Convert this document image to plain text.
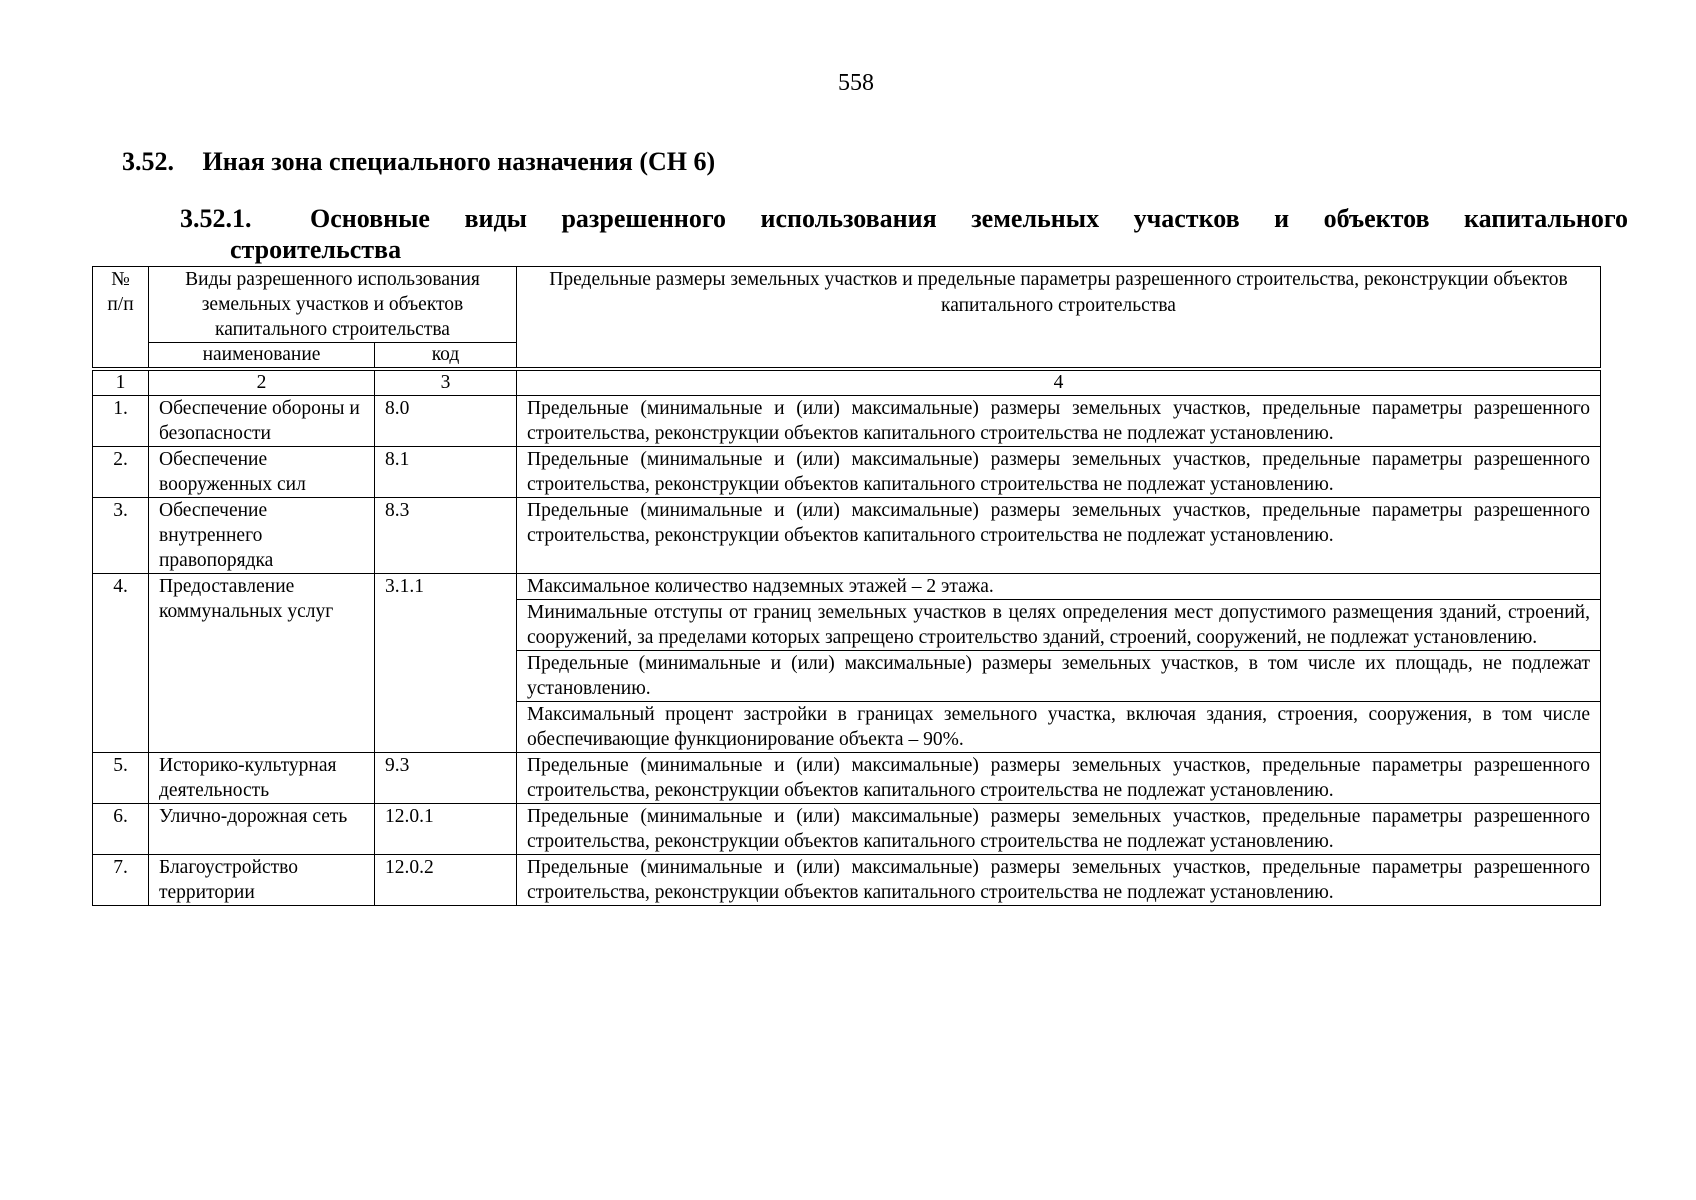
558
3.52. Иная зона специального назначения (СН 6)
3.52.1. Основные виды разрешенного использования земельных участков и объектов капитального
строительства
№ п/п	Виды разрешенного использования земельных участков и объектов капитального строительства		Предельные размеры земельных участков и предельные параметры разрешенного строительства, реконструкции объектов капитального строительства
	наименование	код	
1	2	3	4
1.	Обеспечение обороны и безопасности	8.0	Предельные (минимальные и (или) максимальные) размеры земельных участков, предельные параметры разрешенного строительства, реконструкции объектов капитального строительства не подлежат установлению.
2.	Обеспечение вооруженных сил	8.1	Предельные (минимальные и (или) максимальные) размеры земельных участков, предельные параметры разрешенного строительства, реконструкции объектов капитального строительства не подлежат установлению.
3.	Обеспечение внутреннего правопорядка	8.3	Предельные (минимальные и (или) максимальные) размеры земельных участков, предельные параметры разрешенного строительства, реконструкции объектов капитального строительства не подлежат установлению.
4.	Предоставление коммунальных услуг	3.1.1	Максимальное количество надземных этажей – 2 этажа.
			Минимальные отступы от границ земельных участков в целях определения мест допустимого размещения зданий, строений, сооружений, за пределами которых запрещено строительство зданий, строений, сооружений, не подлежат установлению.
			Предельные (минимальные и (или) максимальные) размеры земельных участков, в том числе их площадь, не подлежат установлению.
			Максимальный процент застройки в границах земельного участка, включая здания, строения, сооружения, в том числе обеспечивающие функционирование объекта – 90%.
5.	Историко-культурная деятельность	9.3	Предельные (минимальные и (или) максимальные) размеры земельных участков, предельные параметры разрешенного строительства, реконструкции объектов капитального строительства не подлежат установлению.
6.	Улично-дорожная сеть	12.0.1	Предельные (минимальные и (или) максимальные) размеры земельных участков, предельные параметры разрешенного строительства, реконструкции объектов капитального строительства не подлежат установлению.
7.	Благоустройство территории	12.0.2	Предельные (минимальные и (или) максимальные) размеры земельных участков, предельные параметры разрешенного строительства, реконструкции объектов капитального строительства не подлежат установлению.
